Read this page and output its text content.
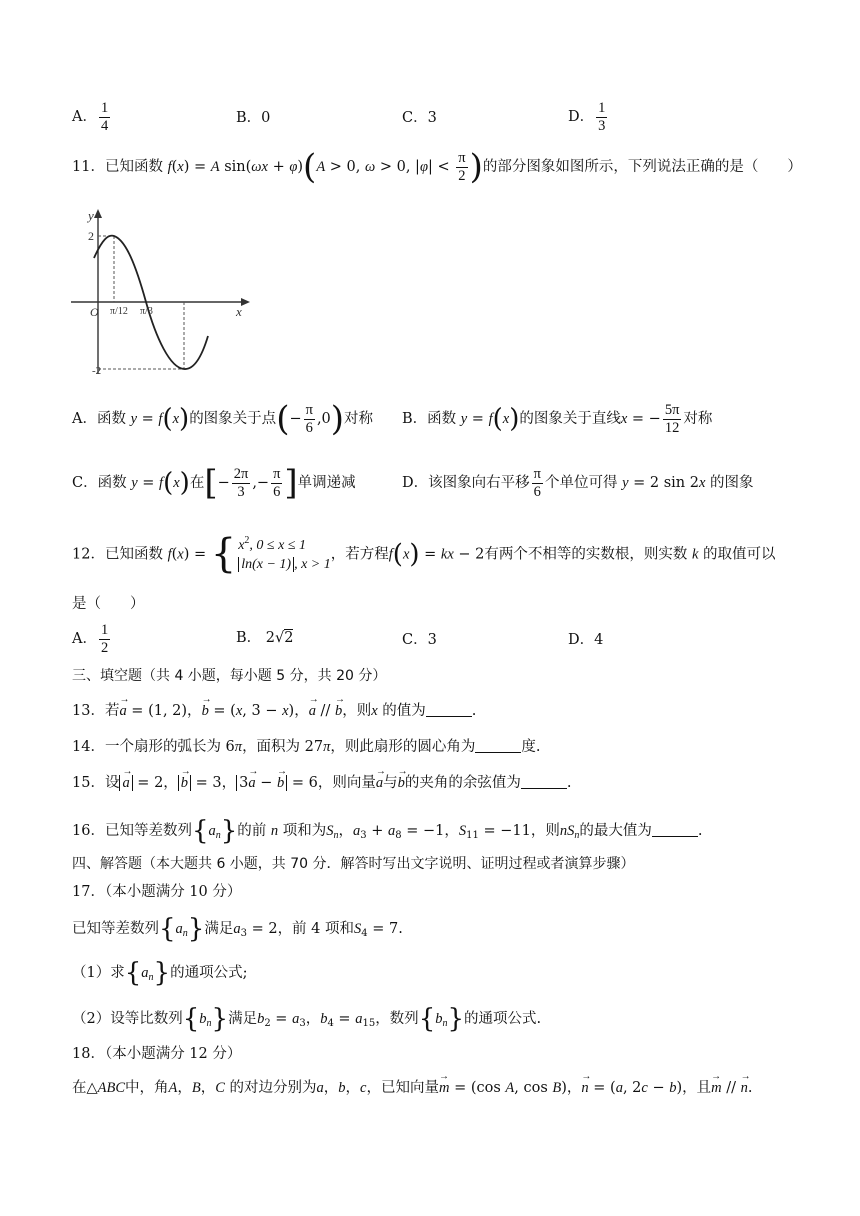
A． $\frac{1}{4}$	B．0	C．3	D． $\frac{1}{3}$
11．已知函数 f(x) = A sin(ωx + φ)(A > 0, ω > 0, $|\varphi| < \frac{\pi}{2}$ )的部分图象如图所示，下列说法正确的是（　　）
y
x
2
O
-2
π/12 π/3
A．函数 y = f(x)的图象关于点(− $\frac{\pi}{6} ,0$)对称 B．函数 y = f(x)的图象关于直线x = − $\frac{5\pi}{12}$ 对称
C．函数 y = f(x)在[− $\frac{2\pi}{3}$ ,− $\frac{\pi}{6}$ ]单调递减	D．该图象向右平移 $\frac{\pi}{6}$ 个单位可得 y = 2 sin 2x 的图象
12．已知函数 f(x) = { $x^2$, 0 ≤ x ≤ 1
ln(x − 1) , x > 1
，若方程f(x) = kx − 2有两个不相等的实数根，则实数 k 的取值可以
是（　　）
A． $\frac{1}{2}$	B． 2√2	C．3	D．4
三、填空题（共 4 小题，每小题 5 分，共 20 分）
13．若→ a = (1, 2)，→ b = (x, 3 − x)，→ a // → b，则x 的值为	.
14．一个扇形的弧长为 6π，面积为 27π，则此扇形的圆心角为	度.
15．设 → a = 2， → b = 3， 3→ a − → b = 6，则向量→ a与→ b的夹角的余弦值为	.
16．已知等差数列$\{a_n\}$的前 n 项和为$S_n$，$a_3 + a_8 = -1$，$S_{11} = -11$，则$nS_n$的最大值为	.
四、解答题（本大题共 6 小题，共 70 分．解答时写出文字说明、证明过程或者演算步骤）
17．（本小题满分 10 分）
已知等差数列$\{a_n\}$满足$a_3 = 2$，前 4 项和$S_4 = 7$.
（1）求$\{a_n\}$的通项公式;
（2）设等比数列$\{b_n\}$满足$b_2 = a_3$，$b_4 = a_{15}$，数列$\{b_n\}$的通项公式.
18．（本小题满分 12 分）
在△ABC中，角A，B，C 的对边分别为a，b，c，已知向量→ m = (cos A, cos B)，→ n = (a, 2c − b)，且→ m // → n.
